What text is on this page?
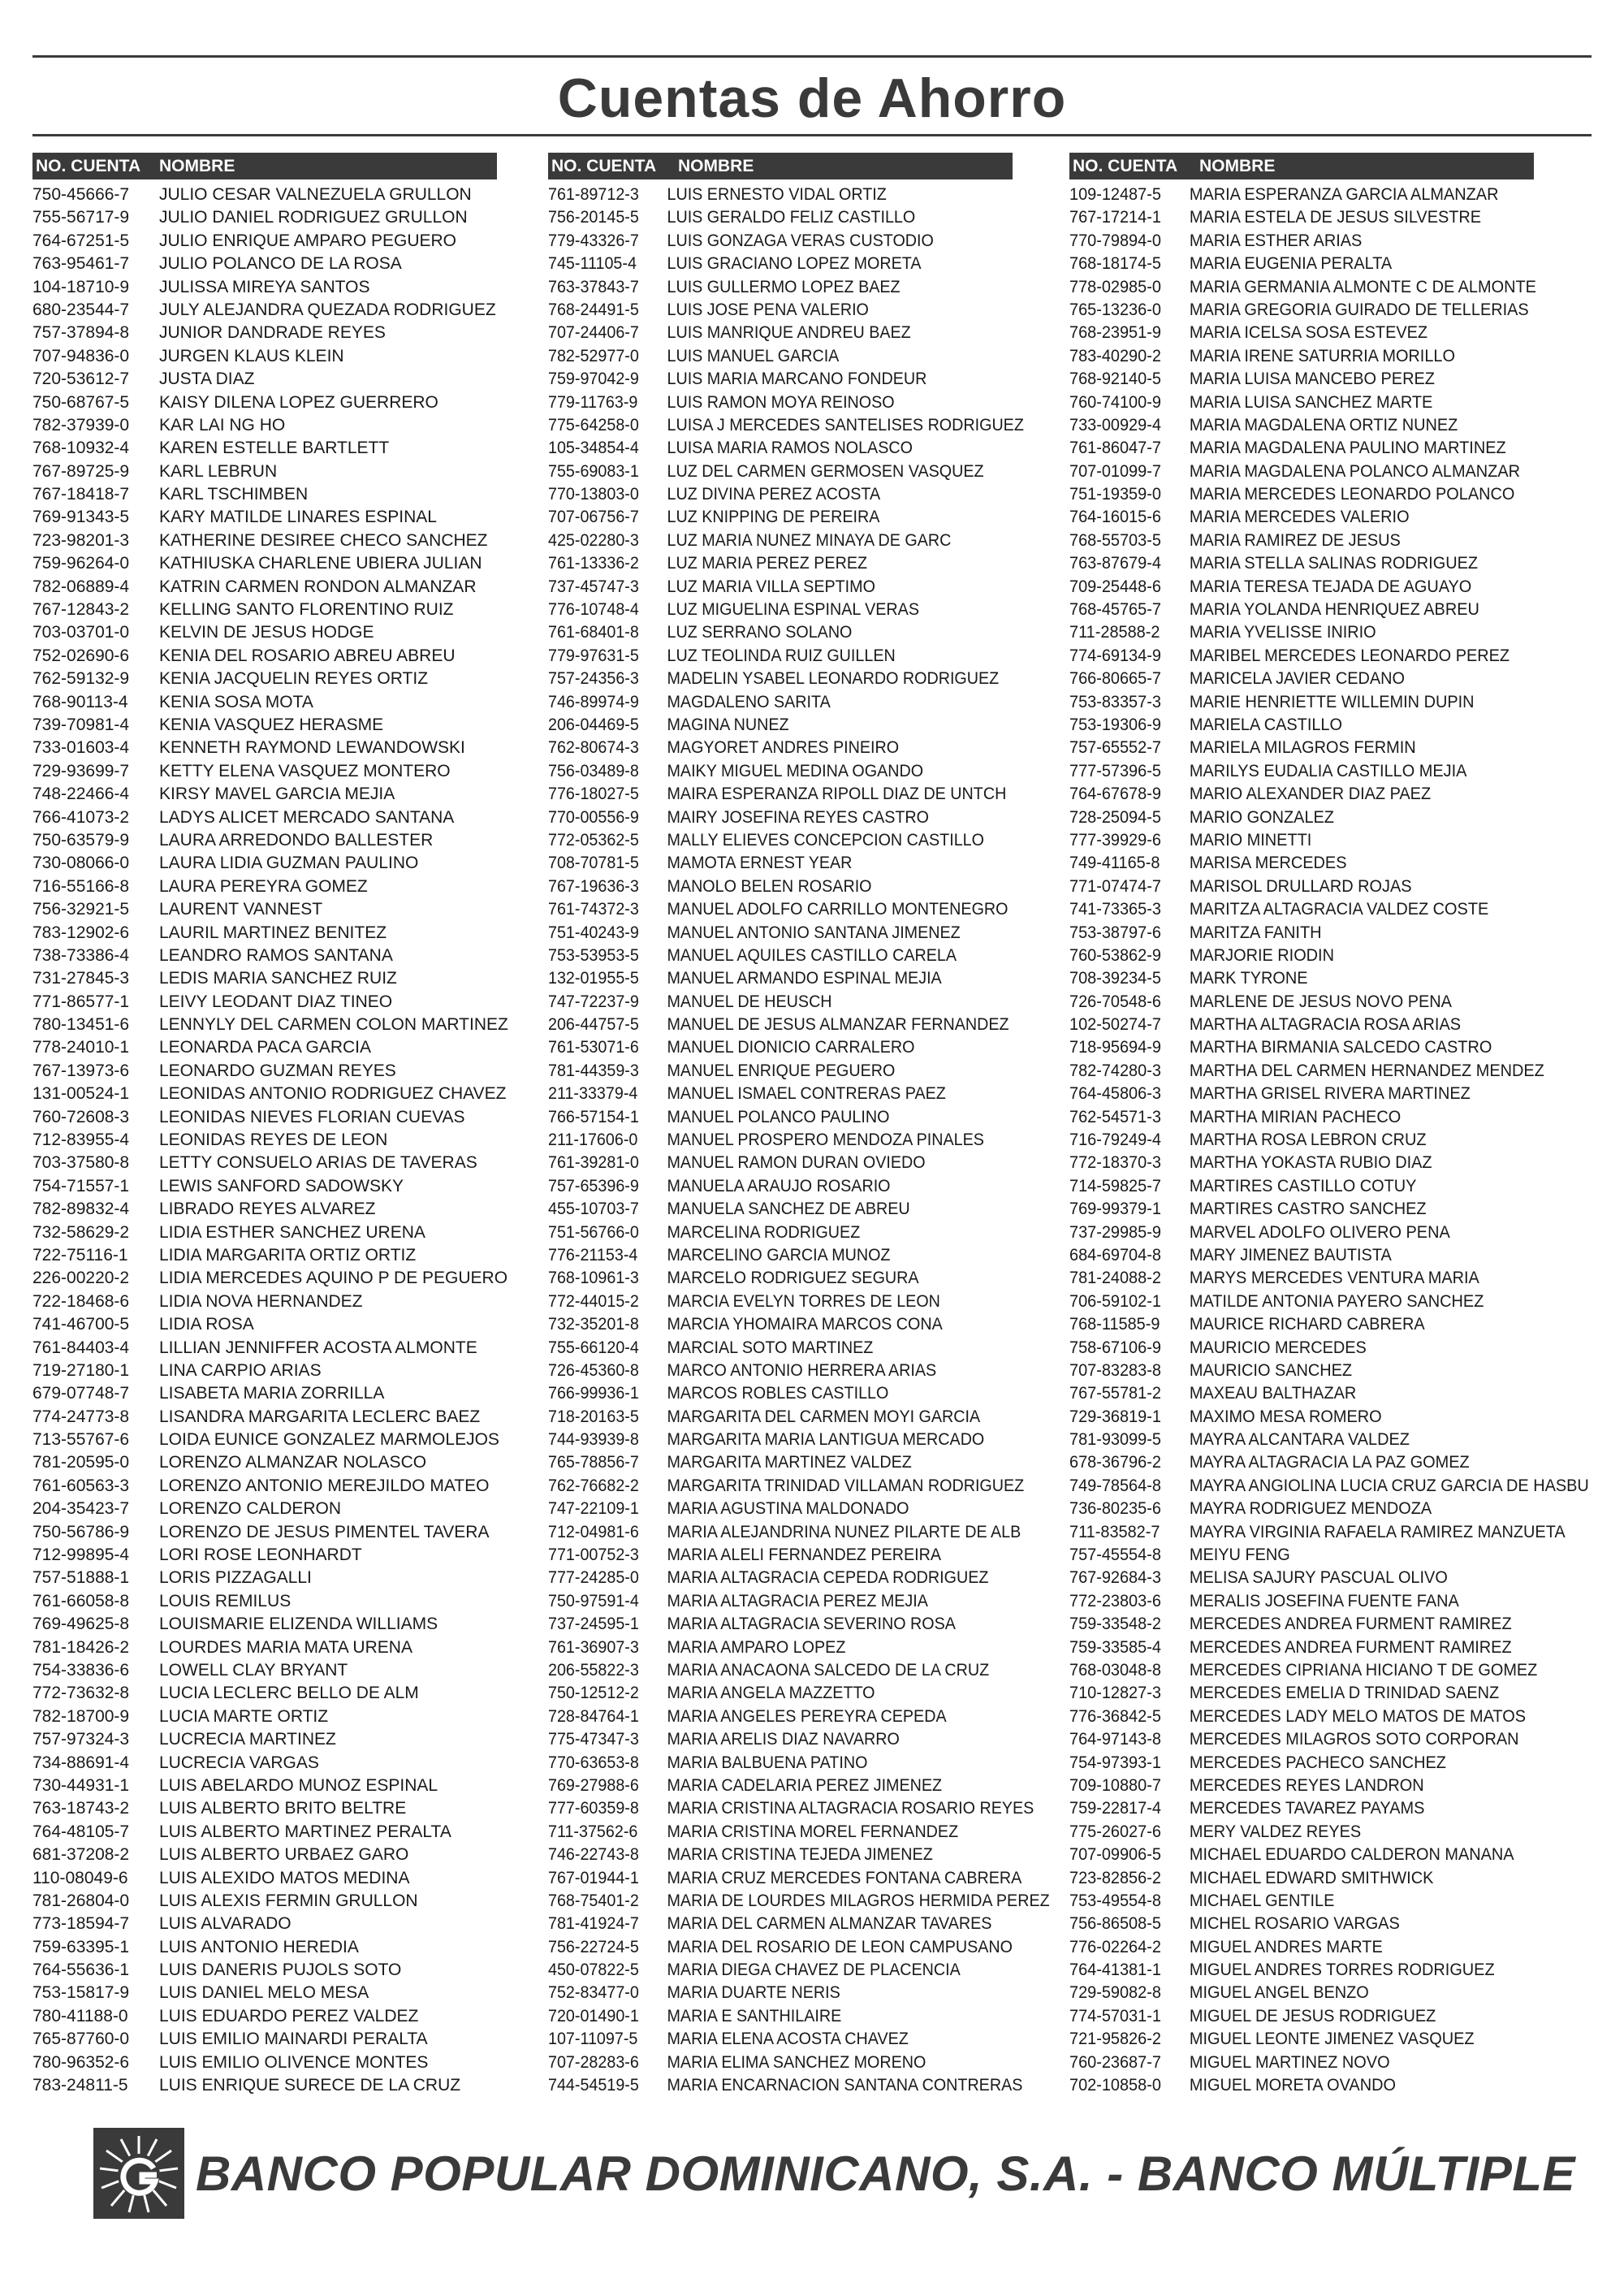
Cuentas de Ahorro
NO. CUENTA	NOMBRE
750-45666-7	JULIO CESAR VALNEZUELA GRULLON
755-56717-9	JULIO DANIEL RODRIGUEZ GRULLON
764-67251-5	JULIO ENRIQUE AMPARO PEGUERO
763-95461-7	JULIO POLANCO DE LA ROSA
104-18710-9	JULISSA MIREYA SANTOS
680-23544-7	JULY ALEJANDRA QUEZADA RODRIGUEZ
757-37894-8	JUNIOR DANDRADE REYES
707-94836-0	JURGEN KLAUS KLEIN
720-53612-7	JUSTA DIAZ
750-68767-5	KAISY DILENA LOPEZ GUERRERO
782-37939-0	KAR LAI NG HO
768-10932-4	KAREN ESTELLE BARTLETT
767-89725-9	KARL LEBRUN
767-18418-7	KARL TSCHIMBEN
769-91343-5	KARY MATILDE LINARES ESPINAL
723-98201-3	KATHERINE DESIREE CHECO SANCHEZ
759-96264-0	KATHIUSKA CHARLENE UBIERA JULIAN
782-06889-4	KATRIN CARMEN RONDON ALMANZAR
767-12843-2	KELLING SANTO FLORENTINO RUIZ
703-03701-0	KELVIN DE JESUS HODGE
752-02690-6	KENIA DEL ROSARIO ABREU ABREU
762-59132-9	KENIA JACQUELIN REYES ORTIZ
768-90113-4	KENIA SOSA MOTA
739-70981-4	KENIA VASQUEZ HERASME
733-01603-4	KENNETH RAYMOND LEWANDOWSKI
729-93699-7	KETTY ELENA VASQUEZ MONTERO
748-22466-4	KIRSY MAVEL GARCIA MEJIA
766-41073-2	LADYS ALICET MERCADO SANTANA
750-63579-9	LAURA ARREDONDO BALLESTER
730-08066-0	LAURA LIDIA GUZMAN PAULINO
716-55166-8	LAURA PEREYRA GOMEZ
756-32921-5	LAURENT VANNEST
783-12902-6	LAURIL MARTINEZ BENITEZ
738-73386-4	LEANDRO RAMOS SANTANA
731-27845-3	LEDIS MARIA SANCHEZ RUIZ
771-86577-1	LEIVY LEODANT DIAZ TINEO
780-13451-6	LENNYLY DEL CARMEN COLON MARTINEZ
778-24010-1	LEONARDA PACA GARCIA
767-13973-6	LEONARDO GUZMAN REYES
131-00524-1	LEONIDAS ANTONIO RODRIGUEZ CHAVEZ
760-72608-3	LEONIDAS NIEVES FLORIAN CUEVAS
712-83955-4	LEONIDAS REYES DE LEON
703-37580-8	LETTY CONSUELO ARIAS DE TAVERAS
754-71557-1	LEWIS SANFORD SADOWSKY
782-89832-4	LIBRADO REYES ALVAREZ
732-58629-2	LIDIA ESTHER SANCHEZ URENA
722-75116-1	LIDIA MARGARITA ORTIZ ORTIZ
226-00220-2	LIDIA MERCEDES AQUINO P DE PEGUERO
722-18468-6	LIDIA NOVA HERNANDEZ
741-46700-5	LIDIA ROSA
761-84403-4	LILLIAN JENNIFFER ACOSTA ALMONTE
719-27180-1	LINA CARPIO ARIAS
679-07748-7	LISABETA MARIA ZORRILLA
774-24773-8	LISANDRA MARGARITA LECLERC BAEZ
713-55767-6	LOIDA EUNICE GONZALEZ MARMOLEJOS
781-20595-0	LORENZO ALMANZAR NOLASCO
761-60563-3	LORENZO ANTONIO MEREJILDO MATEO
204-35423-7	LORENZO CALDERON
750-56786-9	LORENZO DE JESUS PIMENTEL TAVERA
712-99895-4	LORI ROSE LEONHARDT
757-51888-1	LORIS PIZZAGALLI
761-66058-8	LOUIS REMILUS
769-49625-8	LOUISMARIE ELIZENDA WILLIAMS
781-18426-2	LOURDES MARIA MATA URENA
754-33836-6	LOWELL CLAY BRYANT
772-73632-8	LUCIA LECLERC BELLO DE ALM
782-18700-9	LUCIA MARTE ORTIZ
757-97324-3	LUCRECIA MARTINEZ
734-88691-4	LUCRECIA VARGAS
730-44931-1	LUIS ABELARDO MUNOZ ESPINAL
763-18743-2	LUIS ALBERTO BRITO BELTRE
764-48105-7	LUIS ALBERTO MARTINEZ PERALTA
681-37208-2	LUIS ALBERTO URBAEZ GARO
110-08049-6	LUIS ALEXIDO MATOS MEDINA
781-26804-0	LUIS ALEXIS FERMIN GRULLON
773-18594-7	LUIS ALVARADO
759-63395-1	LUIS ANTONIO HEREDIA
764-55636-1	LUIS DANERIS PUJOLS SOTO
753-15817-9	LUIS DANIEL MELO MESA
780-41188-0	LUIS EDUARDO PEREZ VALDEZ
765-87760-0	LUIS EMILIO MAINARDI PERALTA
780-96352-6	LUIS EMILIO OLIVENCE MONTES
783-24811-5	LUIS ENRIQUE SURECE DE LA CRUZ
NO. CUENTA	NOMBRE
761-89712-3	LUIS ERNESTO VIDAL ORTIZ
756-20145-5	LUIS GERALDO FELIZ CASTILLO
779-43326-7	LUIS GONZAGA VERAS CUSTODIO
745-11105-4	LUIS GRACIANO LOPEZ MORETA
763-37843-7	LUIS GULLERMO LOPEZ BAEZ
768-24491-5	LUIS JOSE PENA VALERIO
707-24406-7	LUIS MANRIQUE ANDREU BAEZ
782-52977-0	LUIS MANUEL GARCIA
759-97042-9	LUIS MARIA MARCANO FONDEUR
779-11763-9	LUIS RAMON MOYA REINOSO
775-64258-0	LUISA J MERCEDES SANTELISES RODRIGUEZ
105-34854-4	LUISA MARIA RAMOS NOLASCO
755-69083-1	LUZ DEL CARMEN GERMOSEN VASQUEZ
770-13803-0	LUZ DIVINA PEREZ ACOSTA
707-06756-7	LUZ KNIPPING DE PEREIRA
425-02280-3	LUZ MARIA NUNEZ MINAYA DE GARC
761-13336-2	LUZ MARIA PEREZ PEREZ
737-45747-3	LUZ MARIA VILLA SEPTIMO
776-10748-4	LUZ MIGUELINA ESPINAL VERAS
761-68401-8	LUZ SERRANO SOLANO
779-97631-5	LUZ TEOLINDA RUIZ GUILLEN
757-24356-3	MADELIN YSABEL LEONARDO RODRIGUEZ
746-89974-9	MAGDALENO SARITA
206-04469-5	MAGINA NUNEZ
762-80674-3	MAGYORET ANDRES PINEIRO
756-03489-8	MAIKY MIGUEL MEDINA OGANDO
776-18027-5	MAIRA ESPERANZA RIPOLL DIAZ DE UNTCH
770-00556-9	MAIRY JOSEFINA REYES CASTRO
772-05362-5	MALLY ELIEVES CONCEPCION CASTILLO
708-70781-5	MAMOTA ERNEST YEAR
767-19636-3	MANOLO BELEN ROSARIO
761-74372-3	MANUEL ADOLFO CARRILLO MONTENEGRO
751-40243-9	MANUEL ANTONIO SANTANA JIMENEZ
753-53953-5	MANUEL AQUILES CASTILLO CARELA
132-01955-5	MANUEL ARMANDO ESPINAL MEJIA
747-72237-9	MANUEL DE HEUSCH
206-44757-5	MANUEL DE JESUS ALMANZAR FERNANDEZ
761-53071-6	MANUEL DIONICIO CARRALERO
781-44359-3	MANUEL ENRIQUE PEGUERO
211-33379-4	MANUEL ISMAEL CONTRERAS PAEZ
766-57154-1	MANUEL POLANCO PAULINO
211-17606-0	MANUEL PROSPERO MENDOZA PINALES
761-39281-0	MANUEL RAMON DURAN OVIEDO
757-65396-9	MANUELA ARAUJO ROSARIO
455-10703-7	MANUELA SANCHEZ DE ABREU
751-56766-0	MARCELINA RODRIGUEZ
776-21153-4	MARCELINO GARCIA MUNOZ
768-10961-3	MARCELO RODRIGUEZ SEGURA
772-44015-2	MARCIA EVELYN TORRES DE LEON
732-35201-8	MARCIA YHOMAIRA MARCOS CONA
755-66120-4	MARCIAL SOTO MARTINEZ
726-45360-8	MARCO ANTONIO HERRERA ARIAS
766-99936-1	MARCOS ROBLES CASTILLO
718-20163-5	MARGARITA DEL CARMEN MOYI GARCIA
744-93939-8	MARGARITA MARIA LANTIGUA MERCADO
765-78856-7	MARGARITA MARTINEZ VALDEZ
762-76682-2	MARGARITA TRINIDAD VILLAMAN RODRIGUEZ
747-22109-1	MARIA AGUSTINA MALDONADO
712-04981-6	MARIA ALEJANDRINA NUNEZ PILARTE DE ALB
771-00752-3	MARIA ALELI FERNANDEZ PEREIRA
777-24285-0	MARIA ALTAGRACIA CEPEDA RODRIGUEZ
750-97591-4	MARIA ALTAGRACIA PEREZ MEJIA
737-24595-1	MARIA ALTAGRACIA SEVERINO ROSA
761-36907-3	MARIA AMPARO LOPEZ
206-55822-3	MARIA ANACAONA SALCEDO DE LA CRUZ
750-12512-2	MARIA ANGELA MAZZETTO
728-84764-1	MARIA ANGELES PEREYRA CEPEDA
775-47347-3	MARIA ARELIS DIAZ NAVARRO
770-63653-8	MARIA BALBUENA PATINO
769-27988-6	MARIA CADELARIA PEREZ JIMENEZ
777-60359-8	MARIA CRISTINA ALTAGRACIA ROSARIO REYES
711-37562-6	MARIA CRISTINA MOREL FERNANDEZ
746-22743-8	MARIA CRISTINA TEJEDA JIMENEZ
767-01944-1	MARIA CRUZ MERCEDES FONTANA CABRERA
768-75401-2	MARIA DE LOURDES MILAGROS HERMIDA PEREZ
781-41924-7	MARIA DEL CARMEN ALMANZAR TAVARES
756-22724-5	MARIA DEL ROSARIO DE LEON CAMPUSANO
450-07822-5	MARIA DIEGA CHAVEZ DE PLACENCIA
752-83477-0	MARIA DUARTE NERIS
720-01490-1	MARIA E SANTHILAIRE
107-11097-5	MARIA ELENA ACOSTA CHAVEZ
707-28283-6	MARIA ELIMA SANCHEZ MORENO
744-54519-5	MARIA ENCARNACION SANTANA CONTRERAS
NO. CUENTA	NOMBRE
109-12487-5	MARIA ESPERANZA GARCIA ALMANZAR
767-17214-1	MARIA ESTELA DE JESUS SILVESTRE
770-79894-0	MARIA ESTHER ARIAS
768-18174-5	MARIA EUGENIA PERALTA
778-02985-0	MARIA GERMANIA ALMONTE C DE ALMONTE
765-13236-0	MARIA GREGORIA GUIRADO DE TELLERIAS
768-23951-9	MARIA ICELSA SOSA ESTEVEZ
783-40290-2	MARIA IRENE SATURRIA MORILLO
768-92140-5	MARIA LUISA MANCEBO PEREZ
760-74100-9	MARIA LUISA SANCHEZ MARTE
733-00929-4	MARIA MAGDALENA ORTIZ NUNEZ
761-86047-7	MARIA MAGDALENA PAULINO MARTINEZ
707-01099-7	MARIA MAGDALENA POLANCO ALMANZAR
751-19359-0	MARIA MERCEDES LEONARDO POLANCO
764-16015-6	MARIA MERCEDES VALERIO
768-55703-5	MARIA RAMIREZ DE JESUS
763-87679-4	MARIA STELLA SALINAS RODRIGUEZ
709-25448-6	MARIA TERESA TEJADA DE AGUAYO
768-45765-7	MARIA YOLANDA HENRIQUEZ ABREU
711-28588-2	MARIA YVELISSE INIRIO
774-69134-9	MARIBEL MERCEDES LEONARDO PEREZ
766-80665-7	MARICELA JAVIER CEDANO
753-83357-3	MARIE HENRIETTE WILLEMIN DUPIN
753-19306-9	MARIELA CASTILLO
757-65552-7	MARIELA MILAGROS FERMIN
777-57396-5	MARILYS EUDALIA CASTILLO MEJIA
764-67678-9	MARIO ALEXANDER DIAZ PAEZ
728-25094-5	MARIO GONZALEZ
777-39929-6	MARIO MINETTI
749-41165-8	MARISA MERCEDES
771-07474-7	MARISOL DRULLARD ROJAS
741-73365-3	MARITZA ALTAGRACIA VALDEZ COSTE
753-38797-6	MARITZA FANITH
760-53862-9	MARJORIE RIODIN
708-39234-5	MARK TYRONE
726-70548-6	MARLENE DE JESUS NOVO PENA
102-50274-7	MARTHA ALTAGRACIA ROSA ARIAS
718-95694-9	MARTHA BIRMANIA SALCEDO CASTRO
782-74280-3	MARTHA DEL CARMEN HERNANDEZ MENDEZ
764-45806-3	MARTHA GRISEL RIVERA MARTINEZ
762-54571-3	MARTHA MIRIAN PACHECO
716-79249-4	MARTHA ROSA LEBRON CRUZ
772-18370-3	MARTHA YOKASTA RUBIO DIAZ
714-59825-7	MARTIRES CASTILLO COTUY
769-99379-1	MARTIRES CASTRO SANCHEZ
737-29985-9	MARVEL ADOLFO OLIVERO PENA
684-69704-8	MARY JIMENEZ BAUTISTA
781-24088-2	MARYS MERCEDES VENTURA MARIA
706-59102-1	MATILDE ANTONIA PAYERO SANCHEZ
768-11585-9	MAURICE RICHARD CABRERA
758-67106-9	MAURICIO MERCEDES
707-83283-8	MAURICIO SANCHEZ
767-55781-2	MAXEAU BALTHAZAR
729-36819-1	MAXIMO MESA ROMERO
781-93099-5	MAYRA ALCANTARA VALDEZ
678-36796-2	MAYRA ALTAGRACIA LA PAZ GOMEZ
749-78564-8	MAYRA ANGIOLINA LUCIA CRUZ GARCIA DE HASBU
736-80235-6	MAYRA RODRIGUEZ MENDOZA
711-83582-7	MAYRA VIRGINIA RAFAELA RAMIREZ MANZUETA
757-45554-8	MEIYU FENG
767-92684-3	MELISA SAJURY PASCUAL OLIVO
772-23803-6	MERALIS JOSEFINA FUENTE FANA
759-33548-2	MERCEDES ANDREA FURMENT RAMIREZ
759-33585-4	MERCEDES ANDREA FURMENT RAMIREZ
768-03048-8	MERCEDES CIPRIANA HICIANO T DE GOMEZ
710-12827-3	MERCEDES EMELIA D TRINIDAD SAENZ
776-36842-5	MERCEDES LADY MELO MATOS DE MATOS
764-97143-8	MERCEDES MILAGROS SOTO CORPORAN
754-97393-1	MERCEDES PACHECO SANCHEZ
709-10880-7	MERCEDES REYES LANDRON
759-22817-4	MERCEDES TAVAREZ PAYAMS
775-26027-6	MERY VALDEZ REYES
707-09906-5	MICHAEL EDUARDO CALDERON MANANA
723-82856-2	MICHAEL EDWARD SMITHWICK
753-49554-8	MICHAEL GENTILE
756-86508-5	MICHEL ROSARIO VARGAS
776-02264-2	MIGUEL ANDRES MARTE
764-41381-1	MIGUEL ANDRES TORRES RODRIGUEZ
729-59082-8	MIGUEL ANGEL BENZO
774-57031-1	MIGUEL DE JESUS RODRIGUEZ
721-95826-2	MIGUEL LEONTE JIMENEZ VASQUEZ
760-23687-7	MIGUEL MARTINEZ NOVO
702-10858-0	MIGUEL MORETA OVANDO
BANCO POPULAR DOMINICANO, S.A. - BANCO MÚLTIPLE
